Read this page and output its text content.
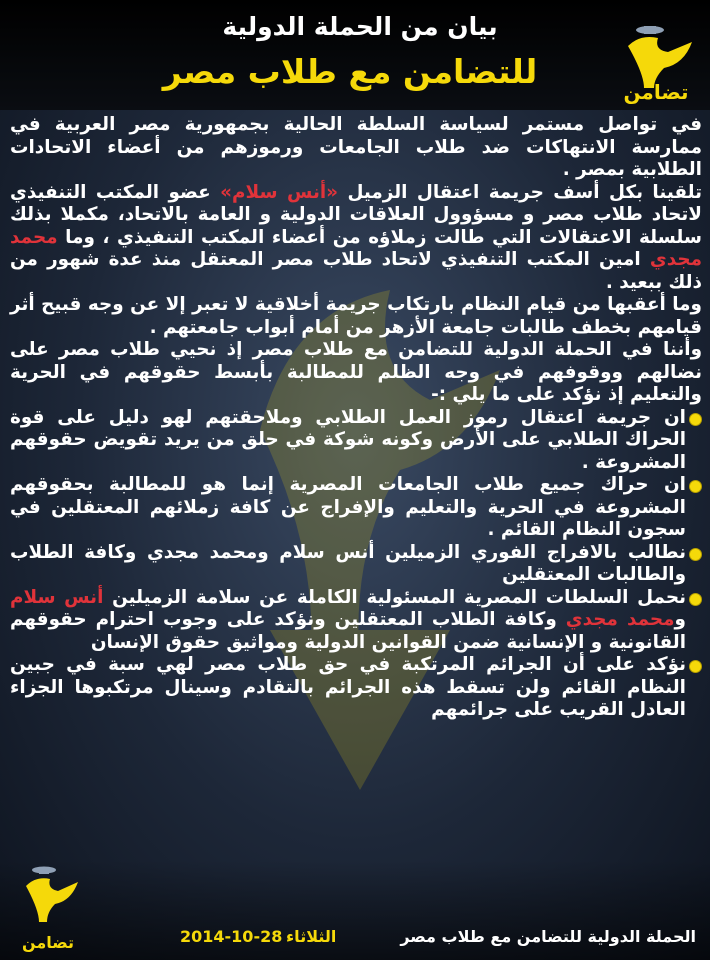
بيان من الحملة الدولية
للتضامن مع طلاب مصر
تضامن

في تواصل مستمر لسياسة السلطة الحالية بجمهورية مصر العربية في ممارسة الانتهاكات ضد طلاب الجامعات ورموزهم من أعضاء الاتحادات الطلابية بمصر .

تلقينا بكل أسف جريمة اعتقال الزميل «أنس سلام» عضو المكتب التنفيذي لاتحاد طلاب مصر و مسؤوول العلاقات الدولية و العامة بالاتحاد، مكملا بذلك سلسلة الاعتقالات التي طالت زملاؤه من أعضاء المكتب التنفيذي ، وما محمد مجدي امين المكتب التنفيذي لاتحاد طلاب مصر المعتقل منذ عدة شهور من ذلك ببعيد .

وما أعقبها من قيام النظام بارتكاب جريمة أخلاقية لا تعبر إلا عن وجه قبيح أثر قيامهم بخطف طالبات جامعة الأزهر من أمام أبواب جامعتهم .

وأننا في الحملة الدولية للتضامن مع طلاب مصر إذ نحيي طلاب مصر على نضالهم ووقوفهم في وجه الظلم للمطالبة بأبسط حقوقهم في الحرية والتعليم إذ نؤكد على ما يلي :-

ان جريمة اعتقال رموز العمل الطلابي وملاحقتهم لهو دليل على قوة الحراك الطلابي على الأرض وكونه شوكة في حلق من يريد تقويض حقوقهم المشروعة .

ان حراك جميع طلاب الجامعات المصرية إنما هو للمطالبة بحقوقهم المشروعة في الحرية والتعليم والإفراج عن كافة زملائهم المعتقلين في سجون النظام القائم .

نطالب بالافراج الفوري الزميلين أنس سلام ومحمد مجدي وكافة الطلاب والطالبات المعتقلين

نحمل السلطات المصرية المسئولية الكاملة عن سلامة الزميلين أنس سلام ومحمد مجدي وكافة الطلاب المعتقلين ونؤكد على وجوب احترام حقوقهم القانونية و الإنسانية ضمن القوانين الدولية ومواثيق حقوق الإنسان

نؤكد على أن الجرائم المرتكبة في حق طلاب مصر لهي سبة في جبين النظام القائم ولن تسقط هذه الجرائم بالتقادم وسينال مرتكبوها الجزاء العادل القريب على جرائمهم

تضامن	2014-10-28 الثلاثاء	الحملة الدولية للتضامن مع طلاب مصر
